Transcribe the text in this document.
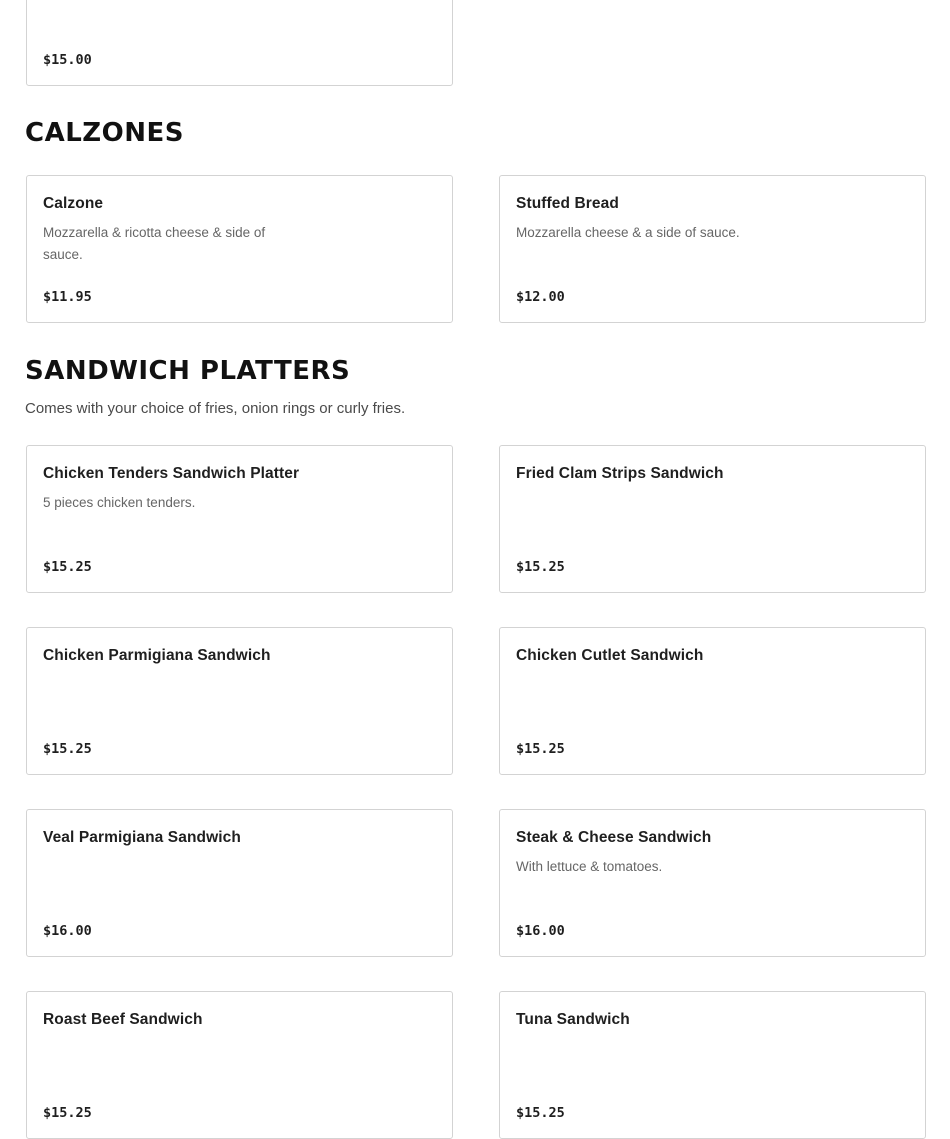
$15.00
CALZONES
Calzone
Mozzarella & ricotta cheese & side of sauce.
$11.95
Stuffed Bread
Mozzarella cheese & a side of sauce.
$12.00
SANDWICH PLATTERS
Comes with your choice of fries, onion rings or curly fries.
Chicken Tenders Sandwich Platter
5 pieces chicken tenders.
$15.25
Fried Clam Strips Sandwich
$15.25
Chicken Parmigiana Sandwich
$15.25
Chicken Cutlet Sandwich
$15.25
Veal Parmigiana Sandwich
$16.00
Steak & Cheese Sandwich
With lettuce & tomatoes.
$16.00
Roast Beef Sandwich
$15.25
Tuna Sandwich
$15.25
